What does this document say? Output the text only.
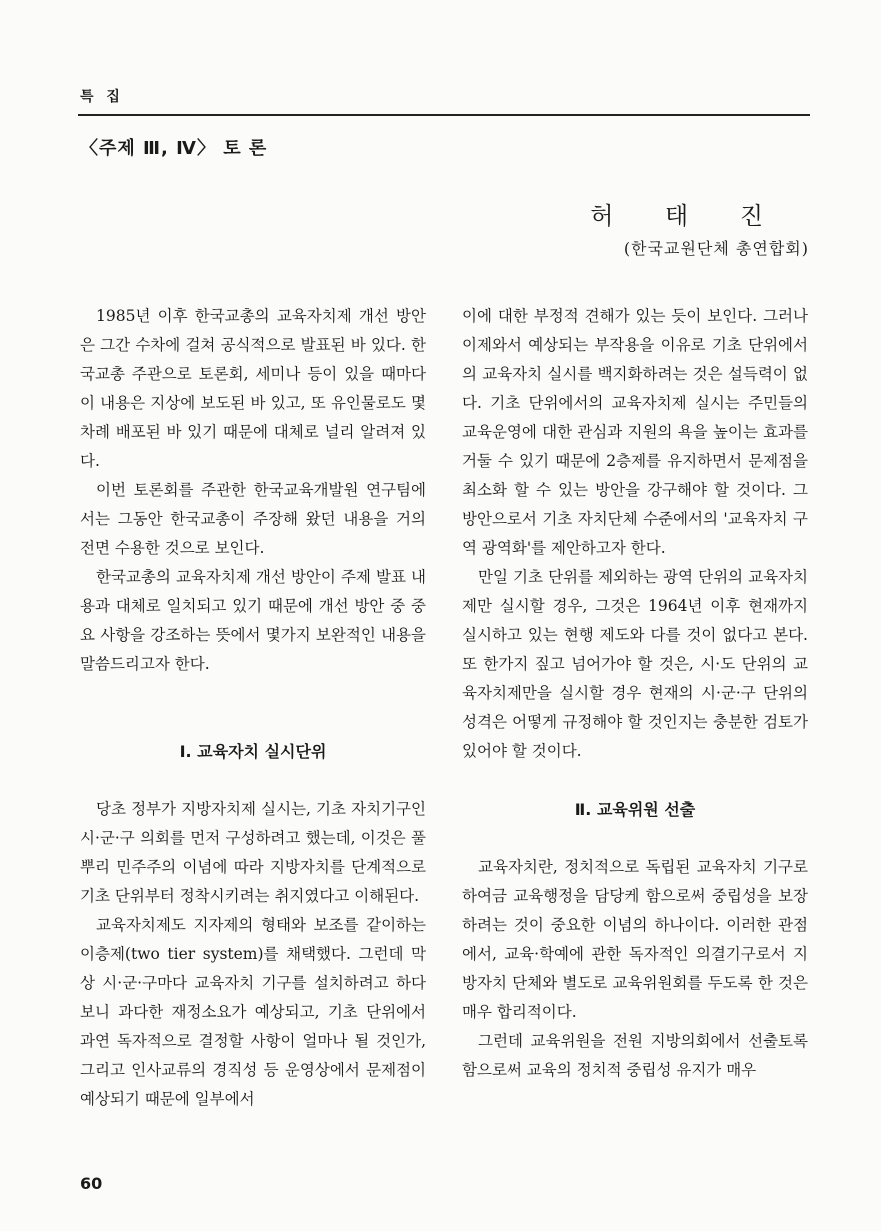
특 집
〈주제 Ⅲ, Ⅳ〉 토 론
허 태 진
(한국교원단체 총연합회)

1985년 이후 한국교총의 교육자치제 개선 방안은 그간 수차에 걸쳐 공식적으로 발표된 바 있다. 한국교총 주관으로 토론회, 세미나 등이 있을 때마다 이 내용은 지상에 보도된 바 있고, 또 유인물로도 몇 차례 배포된 바 있기 때문에 대체로 널리 알려져 있다.

이번 토론회를 주관한 한국교육개발원 연구팀에서는 그동안 한국교총이 주장해 왔던 내용을 거의 전면 수용한 것으로 보인다.

한국교총의 교육자치제 개선 방안이 주제 발표 내용과 대체로 일치되고 있기 때문에 개선 방안 중 중요 사항을 강조하는 뜻에서 몇가지 보완적인 내용을 말씀드리고자 한다.

Ⅰ. 교육자치 실시단위

당초 정부가 지방자치제 실시는, 기초 자치기구인 시·군·구 의회를 먼저 구성하려고 했는데, 이것은 풀뿌리 민주주의 이념에 따라 지방자치를 단계적으로 기초 단위부터 정착시키려는 취지였다고 이해된다.

교육자치제도 지자제의 형태와 보조를 같이하는 이층제(two tier system)를 채택했다. 그런데 막상 시·군·구마다 교육자치 기구를 설치하려고 하다보니 과다한 재정소요가 예상되고, 기초 단위에서 과연 독자적으로 결정할 사항이 얼마나 될 것인가, 그리고 인사교류의 경직성 등 운영상에서 문제점이 예상되기 때문에 일부에서

이에 대한 부정적 견해가 있는 듯이 보인다. 그러나 이제와서 예상되는 부작용을 이유로 기초 단위에서의 교육자치 실시를 백지화하려는 것은 설득력이 없다. 기초 단위에서의 교육자치제 실시는 주민들의 교육운영에 대한 관심과 지원의 욕을 높이는 효과를 거둘 수 있기 때문에 2층제를 유지하면서 문제점을 최소화 할 수 있는 방안을 강구해야 할 것이다. 그 방안으로서 기초 자치단체 수준에서의 '교육자치 구역 광역화'를 제안하고자 한다.

만일 기초 단위를 제외하는 광역 단위의 교육자치제만 실시할 경우, 그것은 1964년 이후 현재까지 실시하고 있는 현행 제도와 다를 것이 없다고 본다. 또 한가지 짚고 넘어가야 할 것은, 시·도 단위의 교육자치제만을 실시할 경우 현재의 시·군·구 단위의 성격은 어떻게 규정해야 할 것인지는 충분한 검토가 있어야 할 것이다.

Ⅱ. 교육위원 선출

교육자치란, 정치적으로 독립된 교육자치 기구로 하여금 교육행정을 담당케 함으로써 중립성을 보장하려는 것이 중요한 이념의 하나이다. 이러한 관점에서, 교육·학예에 관한 독자적인 의결기구로서 지방자치 단체와 별도로 교육위원회를 두도록 한 것은 매우 합리적이다.

그런데 교육위원을 전원 지방의회에서 선출토록 함으로써 교육의 정치적 중립성 유지가 매우

60
